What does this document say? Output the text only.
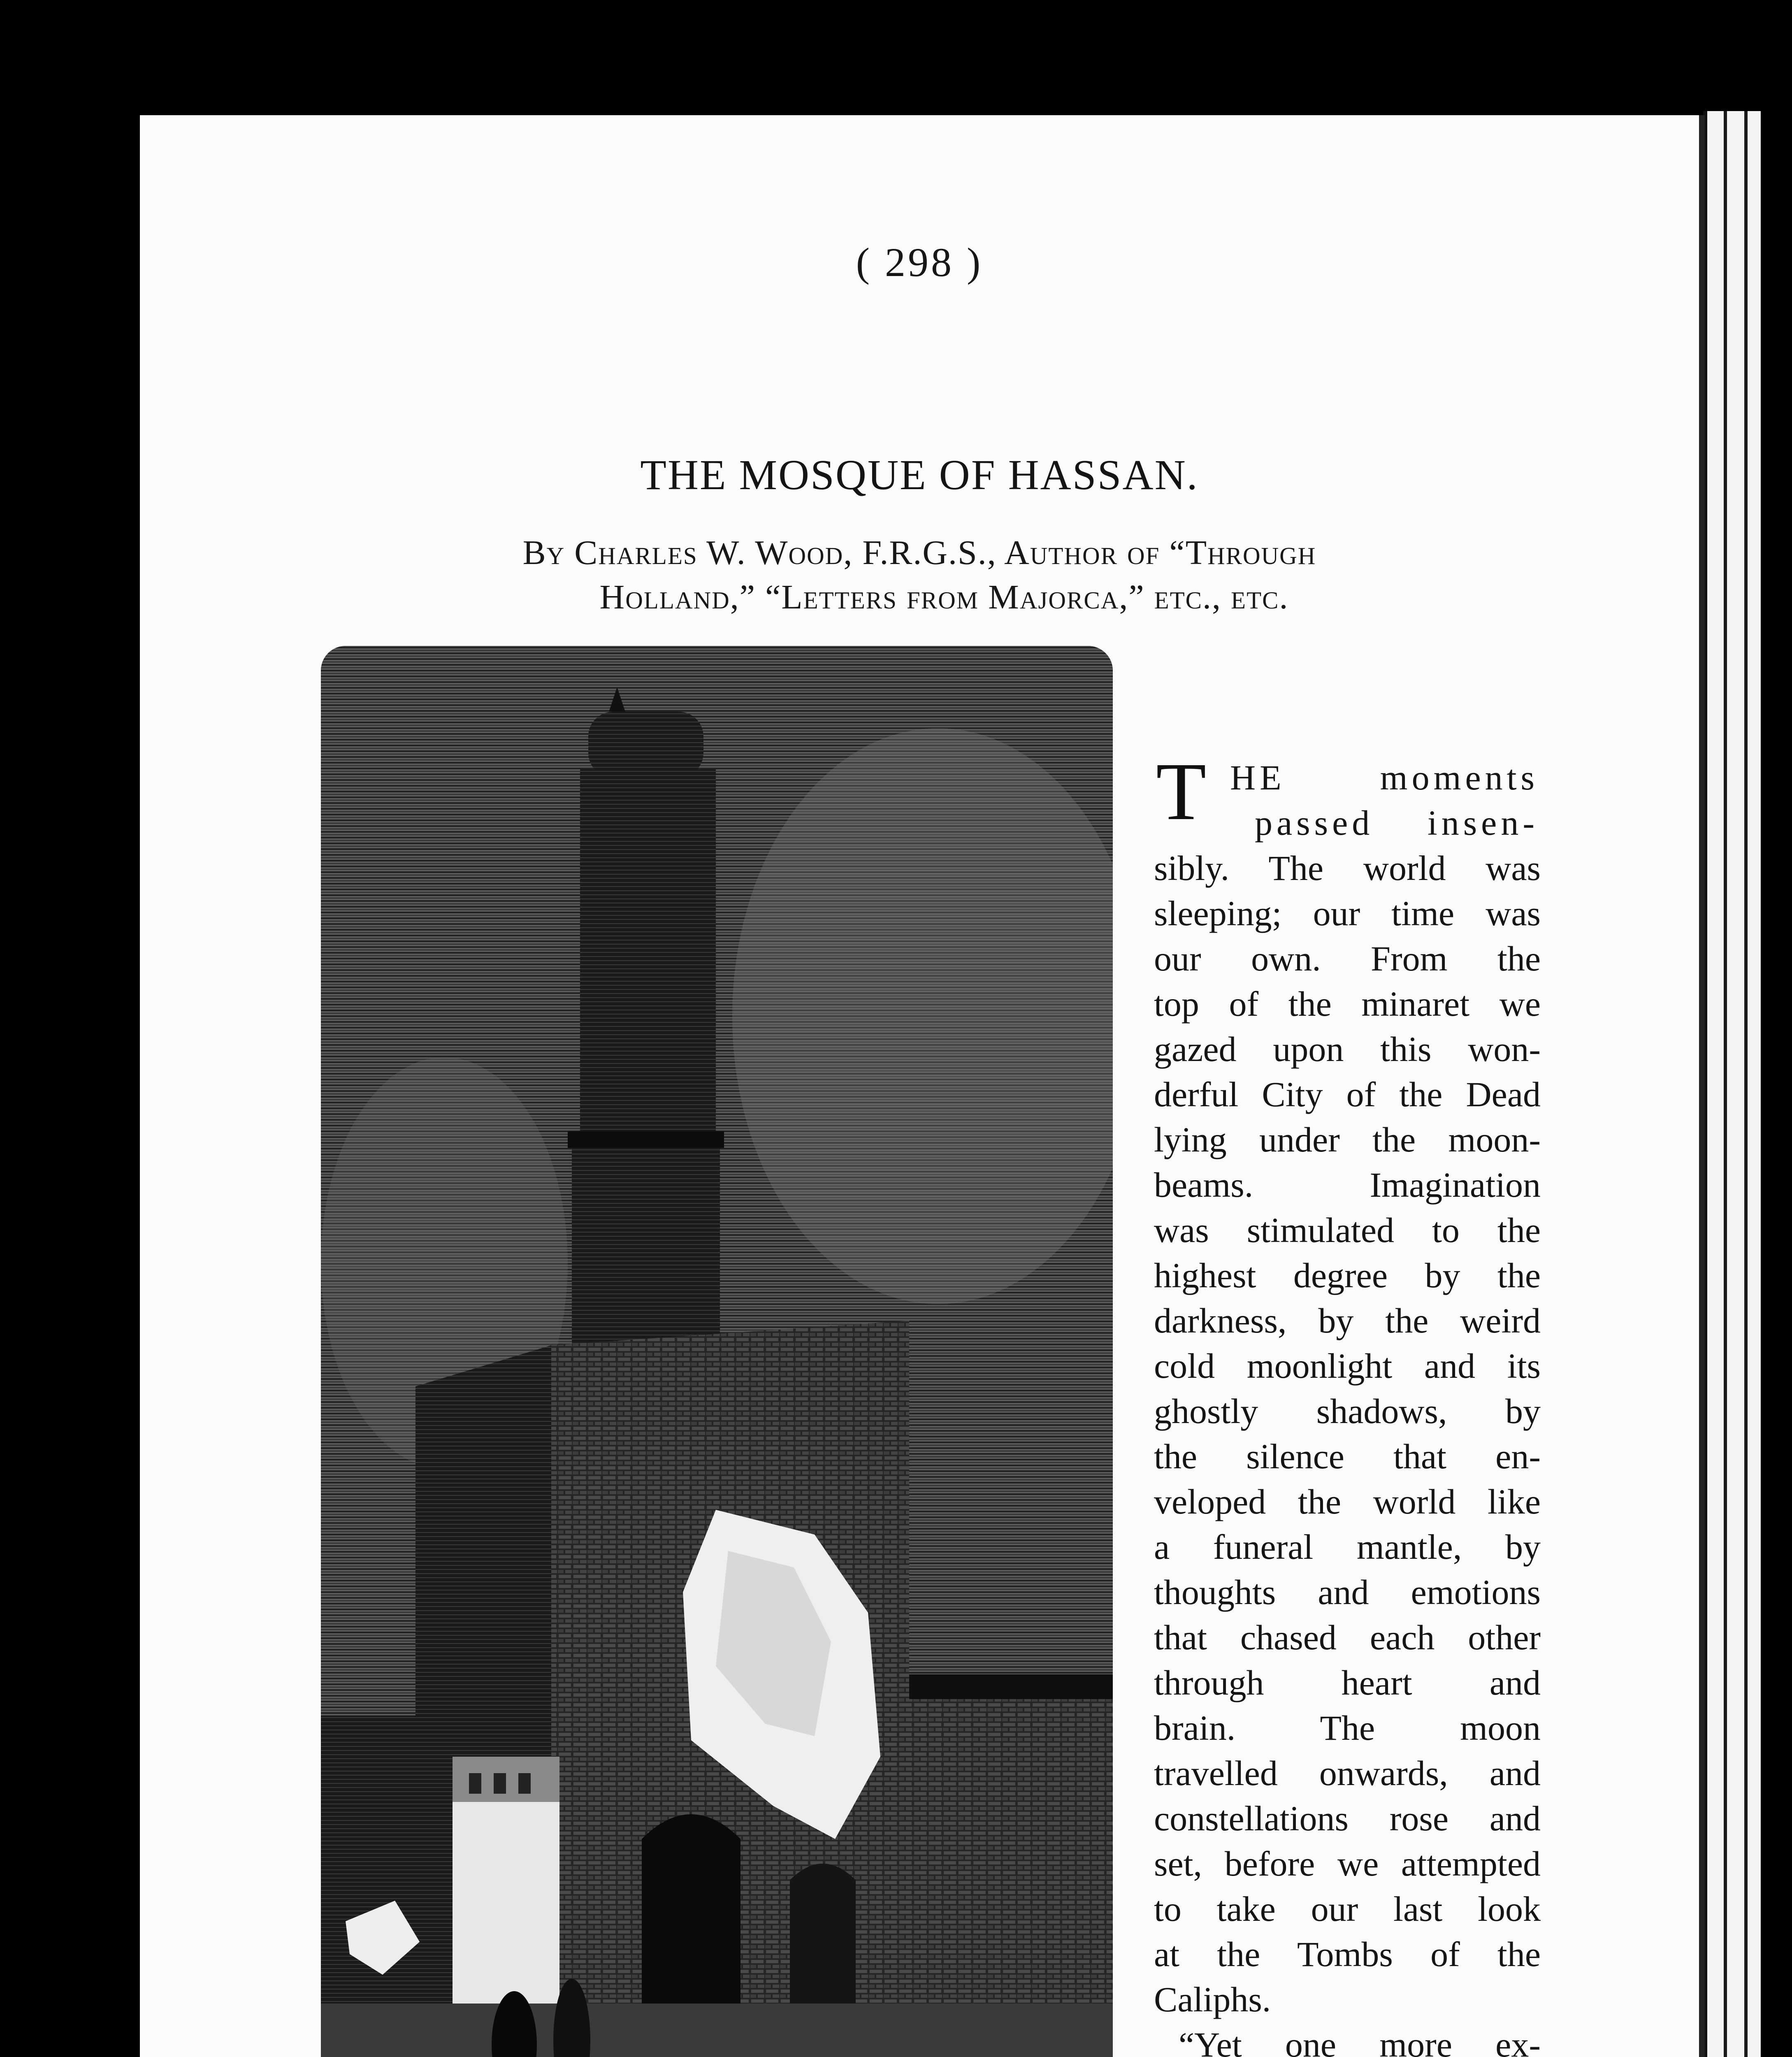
( 298 )
THE MOSQUE OF HASSAN.
By Charles W. Wood, F.R.G.S., Author of “Through
Holland,” “Letters from Majorca,” etc., etc.
T HE moments
passed insen-
sibly. The world was
sleeping; our time was
our own. From the
top of the minaret we
gazed upon this won-
derful City of the Dead
lying under the moon-
beams. Imagination
was stimulated to the
highest degree by the
darkness, by the weird
cold moonlight and its
ghostly shadows, by
the silence that en-
veloped the world like
a funeral mantle, by
thoughts and emotions
that chased each other
through heart and
brain. The moon
travelled onwards, and
constellations rose and
set, before we attempted
to take our last look
at the Tombs of the
Caliphs.
“Yet one more ex-
